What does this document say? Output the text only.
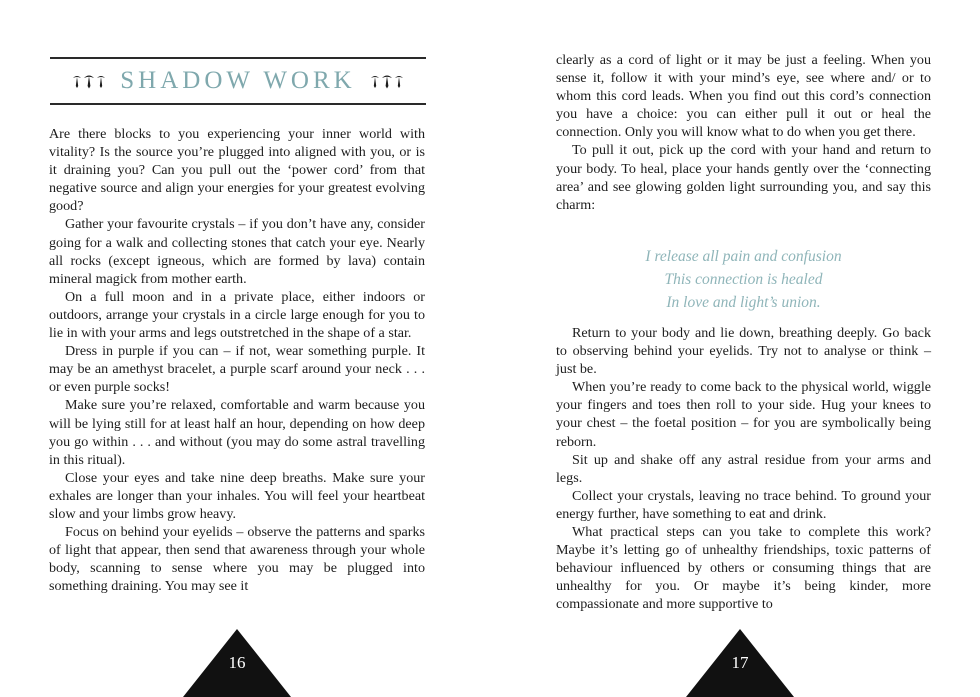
SHADOW WORK

Are there blocks to you experiencing your inner world with vitality? Is the source you’re plugged into aligned with you, or is it draining you? Can you pull out the ‘power cord’ from that negative source and align your energies for your greatest evolving good?

Gather your favourite crystals – if you don’t have any, consider going for a walk and collecting stones that catch your eye. Nearly all rocks (except igneous, which are formed by lava) contain mineral magick from mother earth.

On a full moon and in a private place, either indoors or outdoors, arrange your crystals in a circle large enough for you to lie in with your arms and legs outstretched in the shape of a star.

Dress in purple if you can – if not, wear something purple. It may be an amethyst bracelet, a purple scarf around your neck . . . or even purple socks!

Make sure you’re relaxed, comfortable and warm because you will be lying still for at least half an hour, depending on how deep you go within . . . and without (you may do some astral travelling in this ritual).

Close your eyes and take nine deep breaths. Make sure your exhales are longer than your inhales. You will feel your heartbeat slow and your limbs grow heavy.

Focus on behind your eyelids – observe the patterns and sparks of light that appear, then send that awareness through your whole body, scanning to sense where you may be plugged into something draining. You may see it

16

clearly as a cord of light or it may be just a feeling. When you sense it, follow it with your mind’s eye, see where and/ or to whom this cord leads. When you find out this cord’s connection you have a choice: you can either pull it out or heal the connection. Only you will know what to do when you get there.

To pull it out, pick up the cord with your hand and return to your body. To heal, place your hands gently over the ‘connecting area’ and see glowing golden light surrounding you, and say this charm:

I release all pain and confusion
This connection is healed
In love and light’s union.

Return to your body and lie down, breathing deeply. Go back to observing behind your eyelids. Try not to analyse or think – just be.

When you’re ready to come back to the physical world, wiggle your fingers and toes then roll to your side. Hug your knees to your chest – the foetal position – for you are symbolically being reborn.

Sit up and shake off any astral residue from your arms and legs.

Collect your crystals, leaving no trace behind. To ground your energy further, have something to eat and drink.

What practical steps can you take to complete this work? Maybe it’s letting go of unhealthy friendships, toxic patterns of behaviour influenced by others or consuming things that are unhealthy for you. Or maybe it’s being kinder, more compassionate and more supportive to

17
